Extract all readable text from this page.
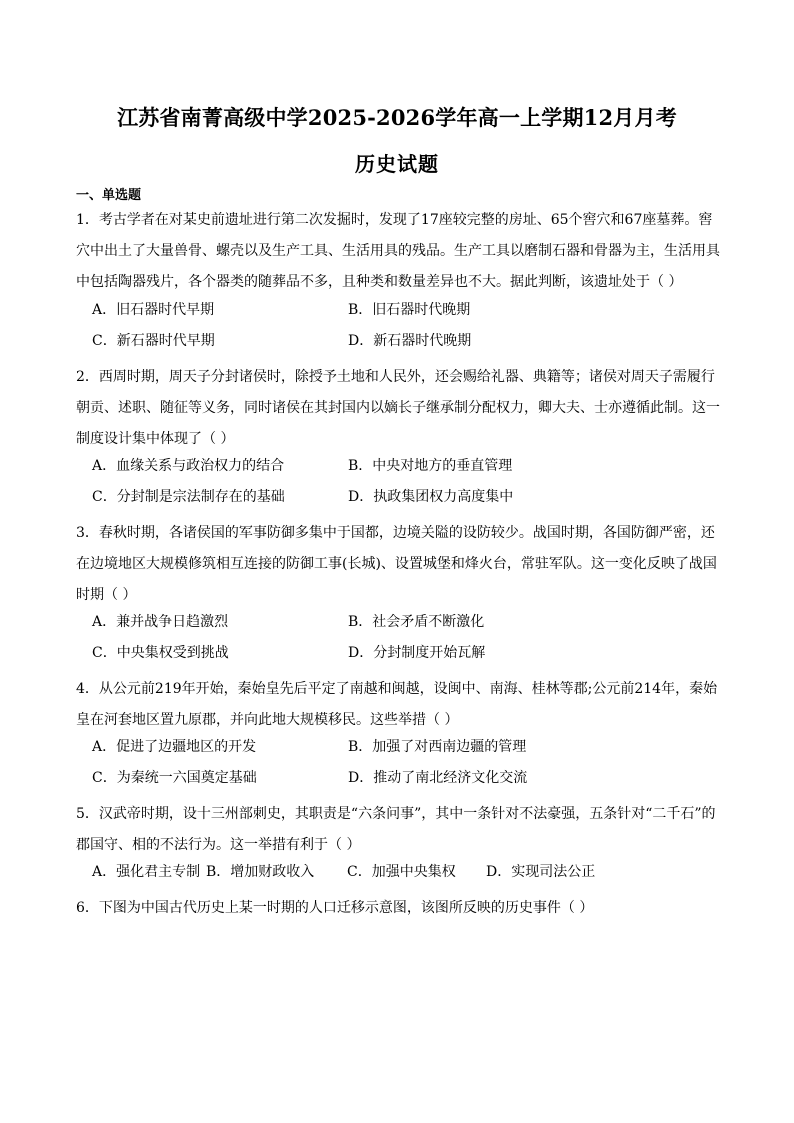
江苏省南菁高级中学2025-2026学年高一上学期12月月考
历史试题
一、单选题

1．考古学者在对某史前遗址进行第二次发掘时，发现了17座较完整的房址、65个窖穴和67座墓葬。窖穴中出土了大量兽骨、螺壳以及生产工具、生活用具的残品。生产工具以磨制石器和骨器为主，生活用具中包括陶器残片，各个器类的随葬品不多，且种类和数量差异也不大。据此判断，该遗址处于（ ）

A．旧石器时代早期	B．旧石器时代晚期
C．新石器时代早期	D．新石器时代晚期

2．西周时期，周天子分封诸侯时，除授予土地和人民外，还会赐给礼器、典籍等；诸侯对周天子需履行朝贡、述职、随征等义务，同时诸侯在其封国内以嫡长子继承制分配权力，卿大夫、士亦遵循此制。这一制度设计集中体现了（ ）

A．血缘关系与政治权力的结合	B．中央对地方的垂直管理
C．分封制是宗法制存在的基础	D．执政集团权力高度集中

3．春秋时期，各诸侯国的军事防御多集中于国都，边境关隘的设防较少。战国时期，各国防御严密，还在边境地区大规模修筑相互连接的防御工事(长城)、设置城堡和烽火台，常驻军队。这一变化反映了战国时期（ ）

A．兼并战争日趋激烈	B．社会矛盾不断激化
C．中央集权受到挑战	D．分封制度开始瓦解

4．从公元前219年开始，秦始皇先后平定了南越和闽越，设闽中、南海、桂林等郡;公元前214年，秦始皇在河套地区置九原郡，并向此地大规模移民。这些举措（ ）

A．促进了边疆地区的开发	B．加强了对西南边疆的管理
C．为秦统一六国奠定基础	D．推动了南北经济文化交流

5．汉武帝时期，设十三州部刺史，其职责是“六条问事”，其中一条针对不法豪强，五条针对“二千石”的郡国守、相的不法行为。这一举措有利于（ ）

A．强化君主专制 B．增加财政收入 C．加强中央集权 D．实现司法公正

6．下图为中国古代历史上某一时期的人口迁移示意图，该图所反映的历史事件（ ）
